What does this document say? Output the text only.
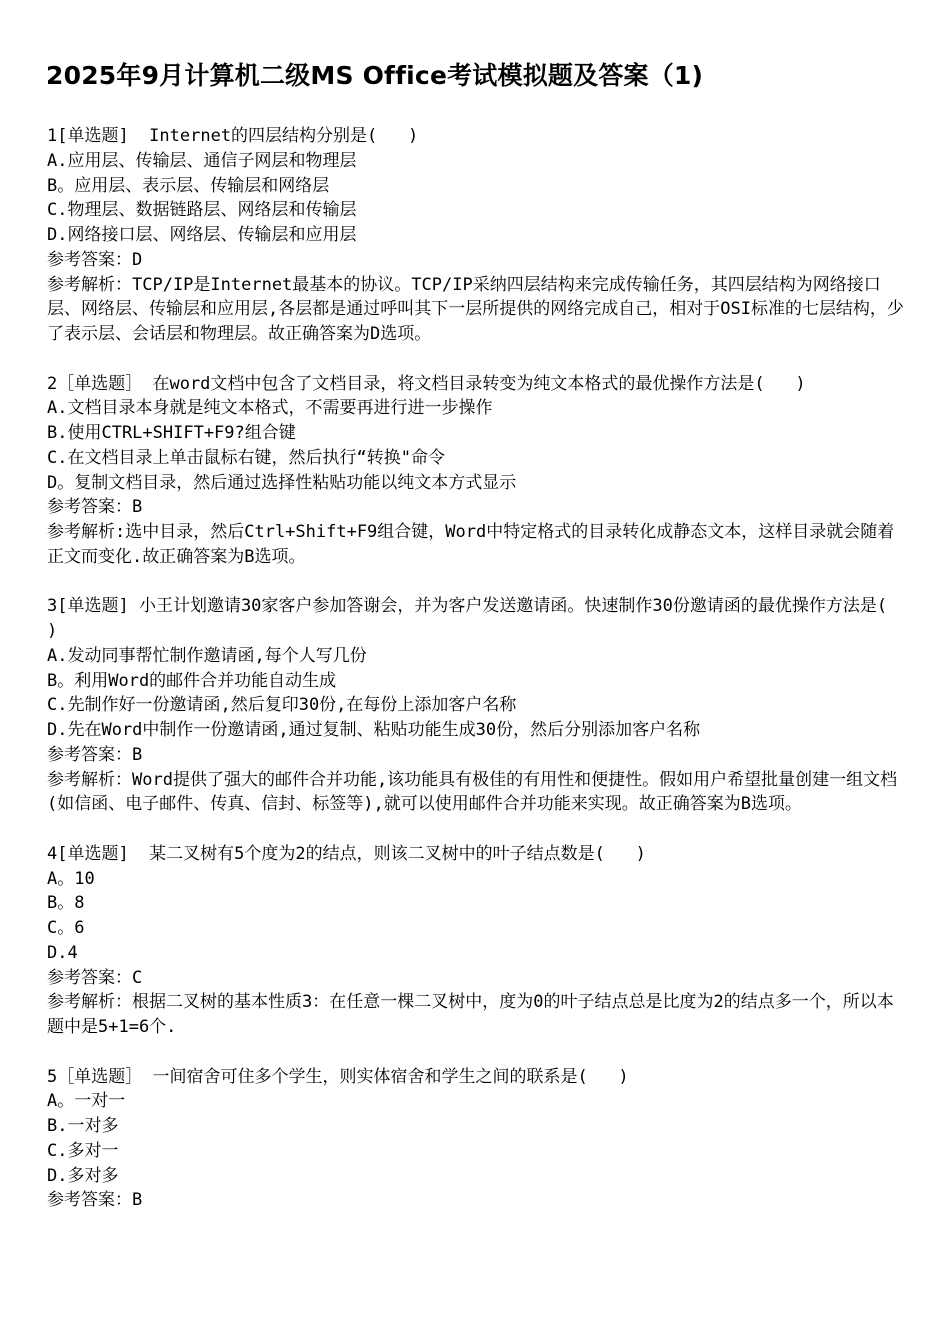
2025年9月计算机二级MS Office考试模拟题及答案（1)
1[单选题]  Internet的四层结构分别是(   )
A.应用层、传输层、通信子网层和物理层
B。应用层、表示层、传输层和网络层
C.物理层、数据链路层、网络层和传输层
D.网络接口层、网络层、传输层和应用层
参考答案：D
参考解析：TCP/IP是Internet最基本的协议。TCP/IP采纳四层结构来完成传输任务，其四层结构为网络接口层、网络层、传输层和应用层,各层都是通过呼叫其下一层所提供的网络完成自己，相对于OSI标准的七层结构，少了表示层、会话层和物理层。故正确答案为D选项。
2［单选题］ 在word文档中包含了文档目录，将文档目录转变为纯文本格式的最优操作方法是(   )
A.文档目录本身就是纯文本格式，不需要再进行进一步操作
B.使用CTRL+SHIFT+F9?组合键
C.在文档目录上单击鼠标右键，然后执行“转换"命令
D。复制文档目录，然后通过选择性粘贴功能以纯文本方式显示
参考答案：B
参考解析:选中目录，然后Ctrl+Shift+F9组合键，Word中特定格式的目录转化成静态文本，这样目录就会随着正文而变化.故正确答案为B选项。
3[单选题] 小王计划邀请30家客户参加答谢会，并为客户发送邀请函。快速制作30份邀请函的最优操作方法是(   )
A.发动同事帮忙制作邀请函,每个人写几份
B。利用Word的邮件合并功能自动生成
C.先制作好一份邀请函,然后复印30份,在每份上添加客户名称
D.先在Word中制作一份邀请函,通过复制、粘贴功能生成30份，然后分别添加客户名称
参考答案：B
参考解析：Word提供了强大的邮件合并功能,该功能具有极佳的有用性和便捷性。假如用户希望批量创建一组文档(如信函、电子邮件、传真、信封、标签等),就可以使用邮件合并功能来实现。故正确答案为B选项。
4[单选题]  某二叉树有5个度为2的结点，则该二叉树中的叶子结点数是(   )
A。10
B。8
C。6
D.4
参考答案：C
参考解析：根据二叉树的基本性质3：在任意一棵二叉树中，度为0的叶子结点总是比度为2的结点多一个，所以本题中是5+1=6个.
5［单选题］ 一间宿舍可住多个学生，则实体宿舍和学生之间的联系是(   )
A。一对一
B.一对多
C.多对一
D.多对多
参考答案：B
